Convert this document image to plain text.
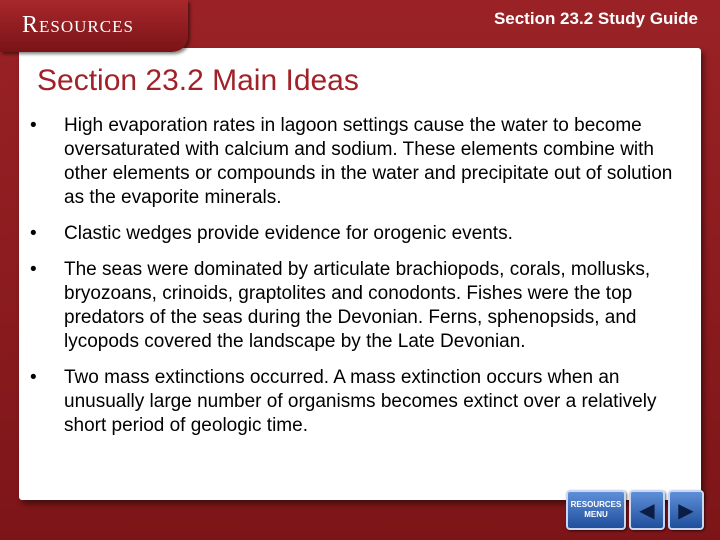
Resources	Section 23.2 Study Guide
Section 23.2 Main Ideas
• High evaporation rates in lagoon settings cause the water to become oversaturated with calcium and sodium. These elements combine with other elements or compounds in the water and precipitate out of solution as the evaporite minerals.
• Clastic wedges provide evidence for orogenic events.
• The seas were dominated by articulate brachiopods, corals, mollusks, bryozoans, crinoids, graptolites and conodonts. Fishes were the top predators of the seas during the Devonian. Ferns, sphenopsids, and lycopods covered the landscape by the Late Devonian.
• Two mass extinctions occurred. A mass extinction occurs when an unusually large number of organisms becomes extinct over a relatively short period of geologic time.
RESOURCES
MENU ◀ ▶
